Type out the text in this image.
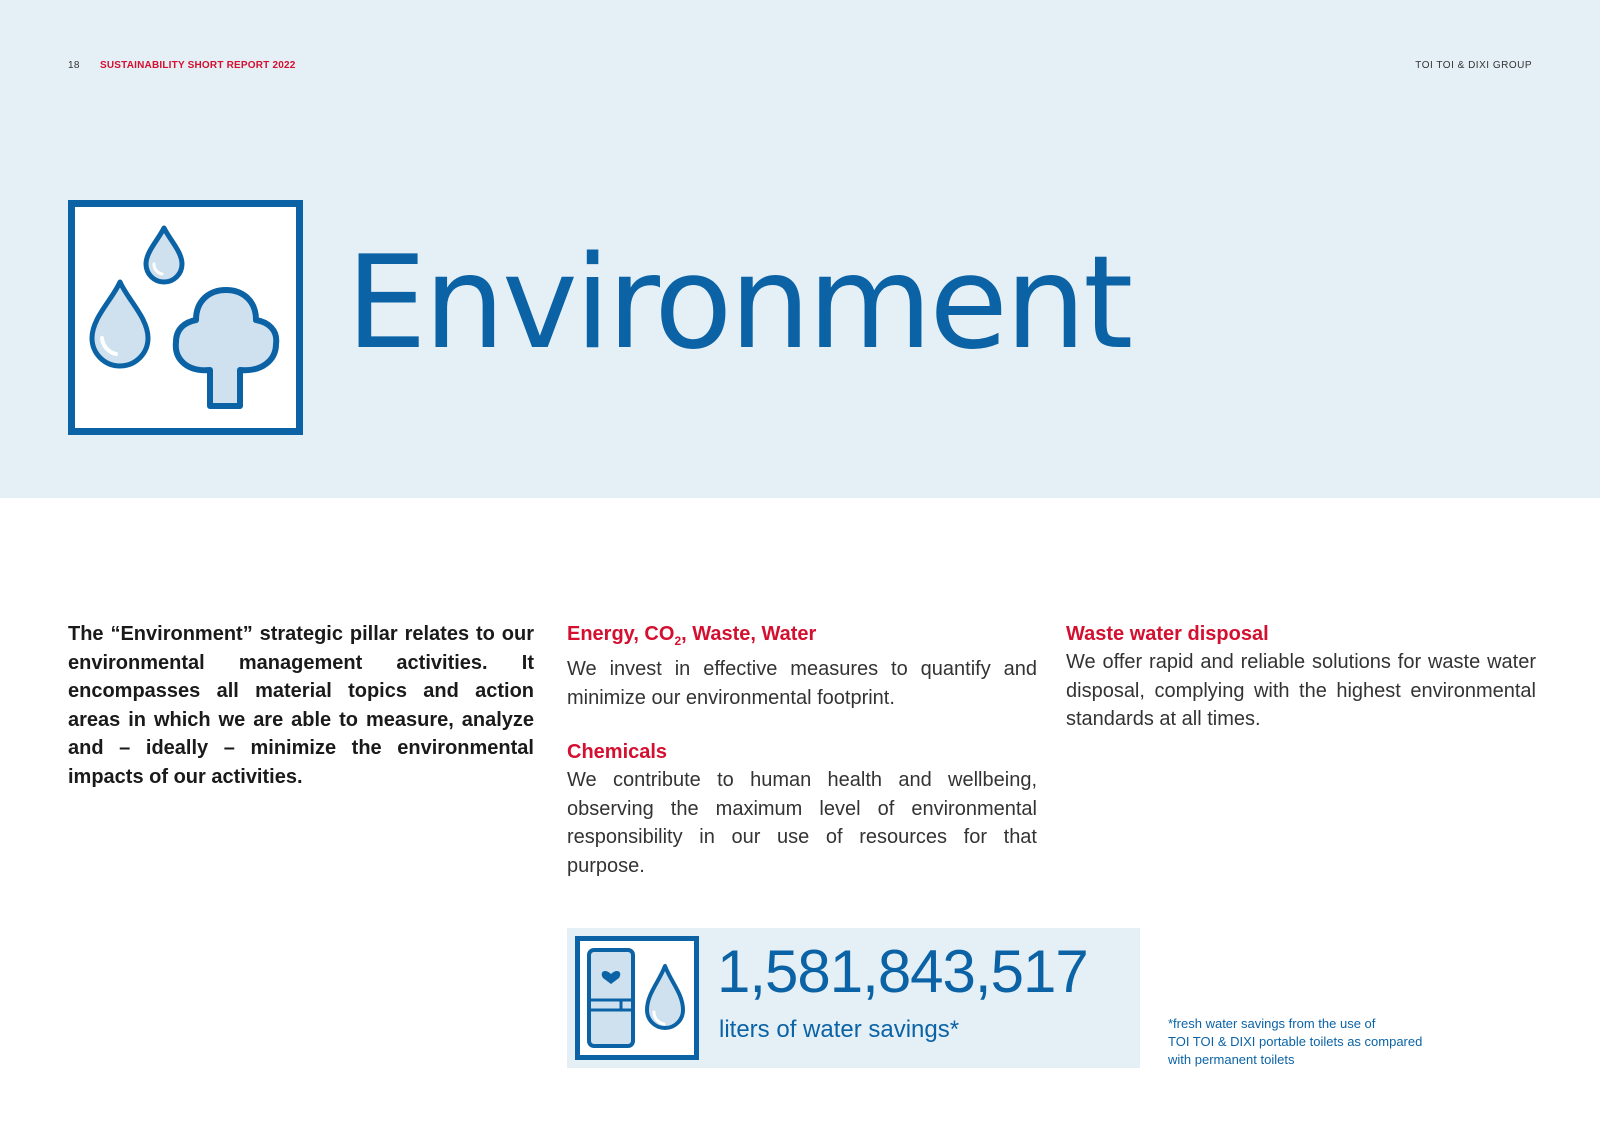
18 SUSTAINABILITY SHORT REPORT 2022	TOI TOI & DIXI GROUP
Environment
The “Environment” strategic pillar relates to our environmental management activities. It encompasses all material topics and action areas in which we are able to measure, analyze and – ideally – minimize the environmental impacts of our activities.
Energy, $CO_2$, Waste, Water
We invest in effective measures to quantify and minimize our environmental footprint.
Chemicals
We contribute to human health and wellbeing, observing the maximum level of environmental responsibility in our use of resources for that purpose.
Waste water disposal
We offer rapid and reliable solutions for waste water disposal, complying with the highest environmental standards at all times.
1,581,843,517
liters of water savings*	*fresh water savings from the use of
TOI TOI & DIXI portable toilets as compared
with permanent toilets
